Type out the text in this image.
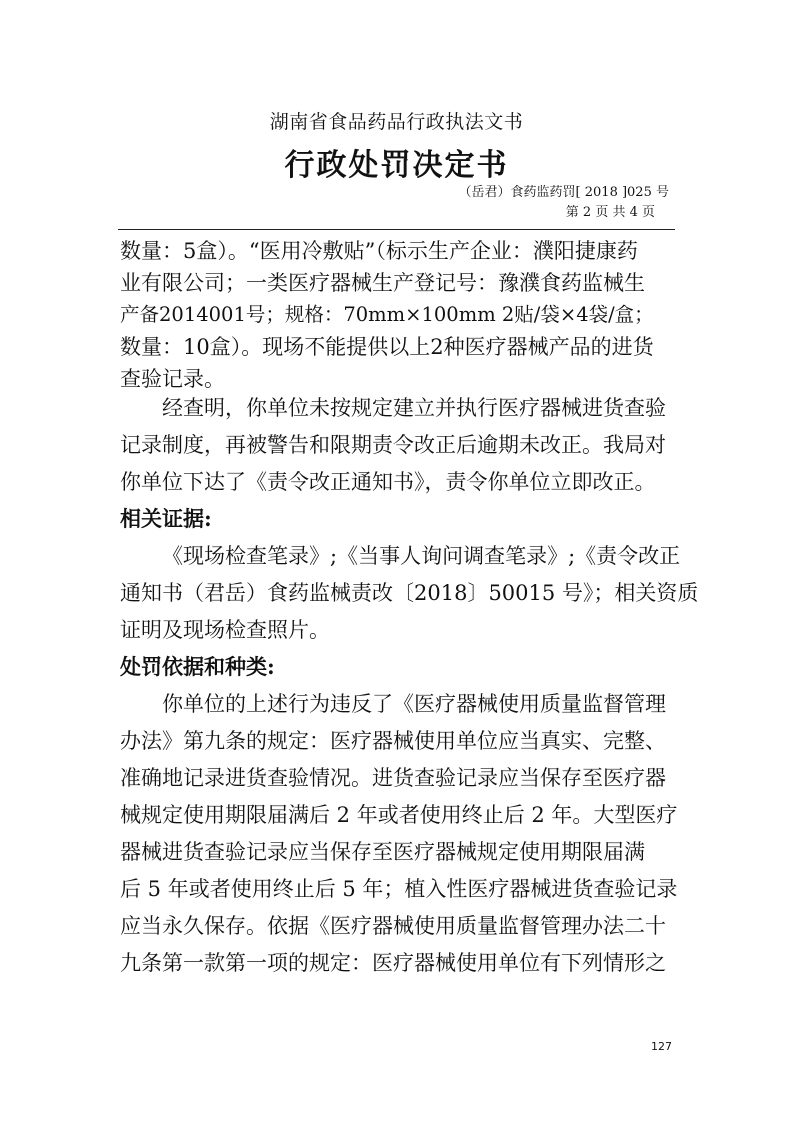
湖南省食品药品行政执法文书
行政处罚决定书
（岳君）食药监药罚[ 2018 ]025 号
第 2 页 共 4 页
数量：5盒）。“医用冷敷贴”（标示生产企业：濮阳捷康药
业有限公司；一类医疗器械生产登记号：豫濮食药监械生
产备2014001号；规格：70mm×100mm 2贴/袋×4袋/盒；
数量：10盒）。现场不能提供以上2种医疗器械产品的进货
查验记录。
经查明，你单位未按规定建立并执行医疗器械进货查验
记录制度，再被警告和限期责令改正后逾期未改正。我局对
你单位下达了《责令改正通知书》，责令你单位立即改正。
相关证据:
《现场检查笔录》;《当事人询问调查笔录》;《责令改正
通知书（君岳）食药监械责改〔2018〕50015 号》；相关资质
证明及现场检查照片。
处罚依据和种类:
你单位的上述行为违反了《医疗器械使用质量监督管理
办法》第九条的规定：医疗器械使用单位应当真实、完整、
准确地记录进货查验情况。进货查验记录应当保存至医疗器
械规定使用期限届满后 2 年或者使用终止后 2 年。大型医疗
器械进货查验记录应当保存至医疗器械规定使用期限届满
后 5 年或者使用终止后 5 年；植入性医疗器械进货查验记录
应当永久保存。依据《医疗器械使用质量监督管理办法二十
九条第一款第一项的规定：医疗器械使用单位有下列情形之
127
